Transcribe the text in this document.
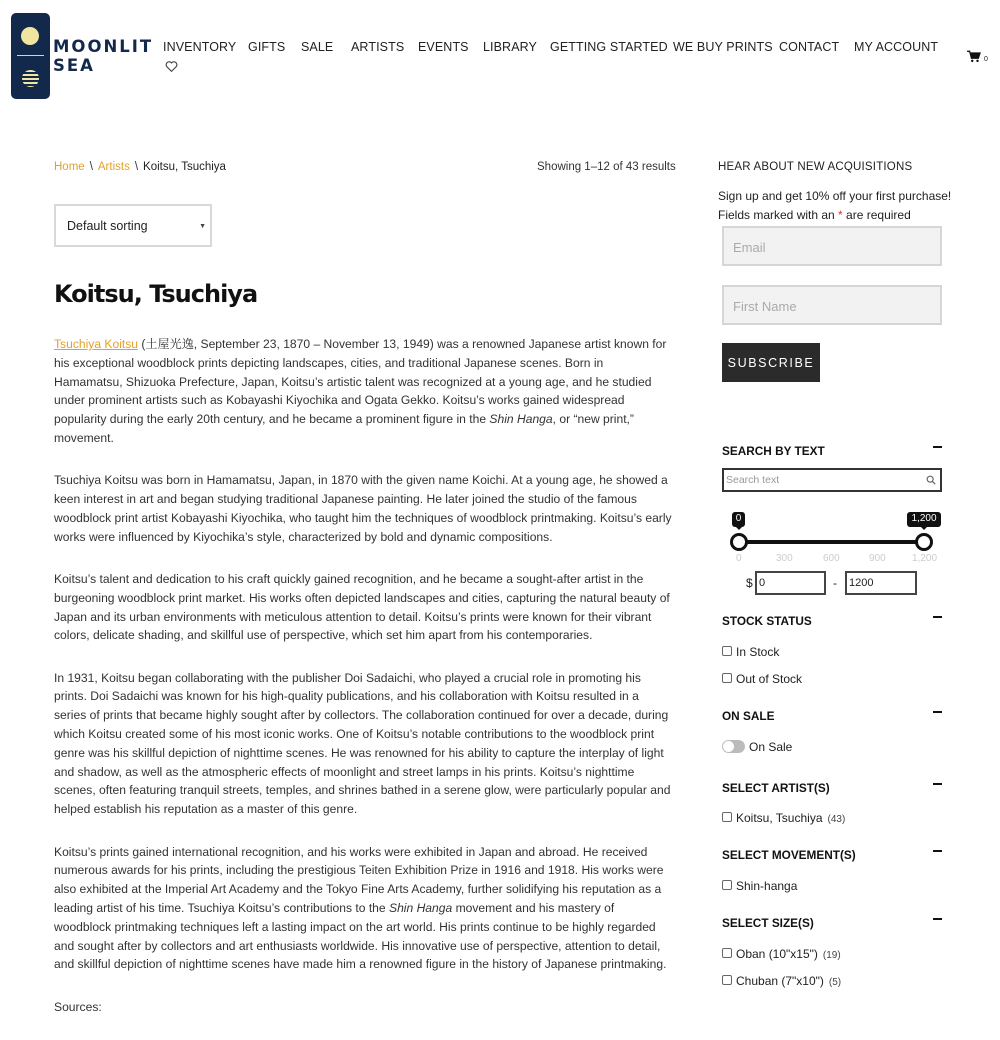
MOONLIT
SEA
INVENTORY GIFTS SALE ARTISTS EVENTS LIBRARY GETTING STARTED WE BUY PRINTS CONTACT MY ACCOUNT
0
Home \ Artists \ Koitsu, Tsuchiya	Showing 1–12 of 43 results
Default sorting	▼
Koitsu, Tsuchiya

Tsuchiya Koitsu (土屋光逸, September 23, 1870 – November 13, 1949) was a renowned Japanese artist known for his exceptional woodblock prints depicting landscapes, cities, and traditional Japanese scenes. Born in Hamamatsu, Shizuoka Prefecture, Japan, Koitsu’s artistic talent was recognized at a young age, and he studied under prominent artists such as Kobayashi Kiyochika and Ogata Gekko. Koitsu’s works gained widespread popularity during the early 20th century, and he became a prominent figure in the Shin Hanga, or “new print,” movement.

Tsuchiya Koitsu was born in Hamamatsu, Japan, in 1870 with the given name Koichi. At a young age, he showed a keen interest in art and began studying traditional Japanese painting. He later joined the studio of the famous woodblock print artist Kobayashi Kiyochika, who taught him the techniques of woodblock printmaking. Koitsu’s early works were influenced by Kiyochika’s style, characterized by bold and dynamic compositions.

Koitsu’s talent and dedication to his craft quickly gained recognition, and he became a sought-after artist in the burgeoning woodblock print market. His works often depicted landscapes and cities, capturing the natural beauty of Japan and its urban environments with meticulous attention to detail. Koitsu’s prints were known for their vibrant colors, delicate shading, and skillful use of perspective, which set him apart from his contemporaries.

In 1931, Koitsu began collaborating with the publisher Doi Sadaichi, who played a crucial role in promoting his prints. Doi Sadaichi was known for his high-quality publications, and his collaboration with Koitsu resulted in a series of prints that became highly sought after by collectors. The collaboration continued for over a decade, during which Koitsu created some of his most iconic works. One of Koitsu’s notable contributions to the woodblock print genre was his skillful depiction of nighttime scenes. He was renowned for his ability to capture the interplay of light and shadow, as well as the atmospheric effects of moonlight and street lamps in his prints. Koitsu’s nighttime scenes, often featuring tranquil streets, temples, and shrines bathed in a serene glow, were particularly popular and helped establish his reputation as a master of this genre.

Koitsu’s prints gained international recognition, and his works were exhibited in Japan and abroad. He received numerous awards for his prints, including the prestigious Teiten Exhibition Prize in 1916 and 1918. His works were also exhibited at the Imperial Art Academy and the Tokyo Fine Arts Academy, further solidifying his reputation as a leading artist of his time. Tsuchiya Koitsu’s contributions to the Shin Hanga movement and his mastery of woodblock printmaking techniques left a lasting impact on the art world. His prints continue to be highly regarded and sought after by collectors and art enthusiasts worldwide. His innovative use of perspective, attention to detail, and skillful depiction of nighttime scenes have made him a renowned figure in the history of Japanese printmaking.

Sources:

HEAR ABOUT NEW ACQUISITIONS
Sign up and get 10% off your first purchase!
Fields marked with an * are required
Email
First Name
SUBSCRIBE
SEARCH BY TEXT
Search text
0	1,200
0	300	600	900	1,200
$ 0	-	1200
STOCK STATUS
In Stock
Out of Stock
ON SALE
On Sale
SELECT ARTIST(S)
Koitsu, Tsuchiya (43)
SELECT MOVEMENT(S)
Shin-hanga
SELECT SIZE(S)
Oban (10"x15") (19)
Chuban (7"x10") (5)
